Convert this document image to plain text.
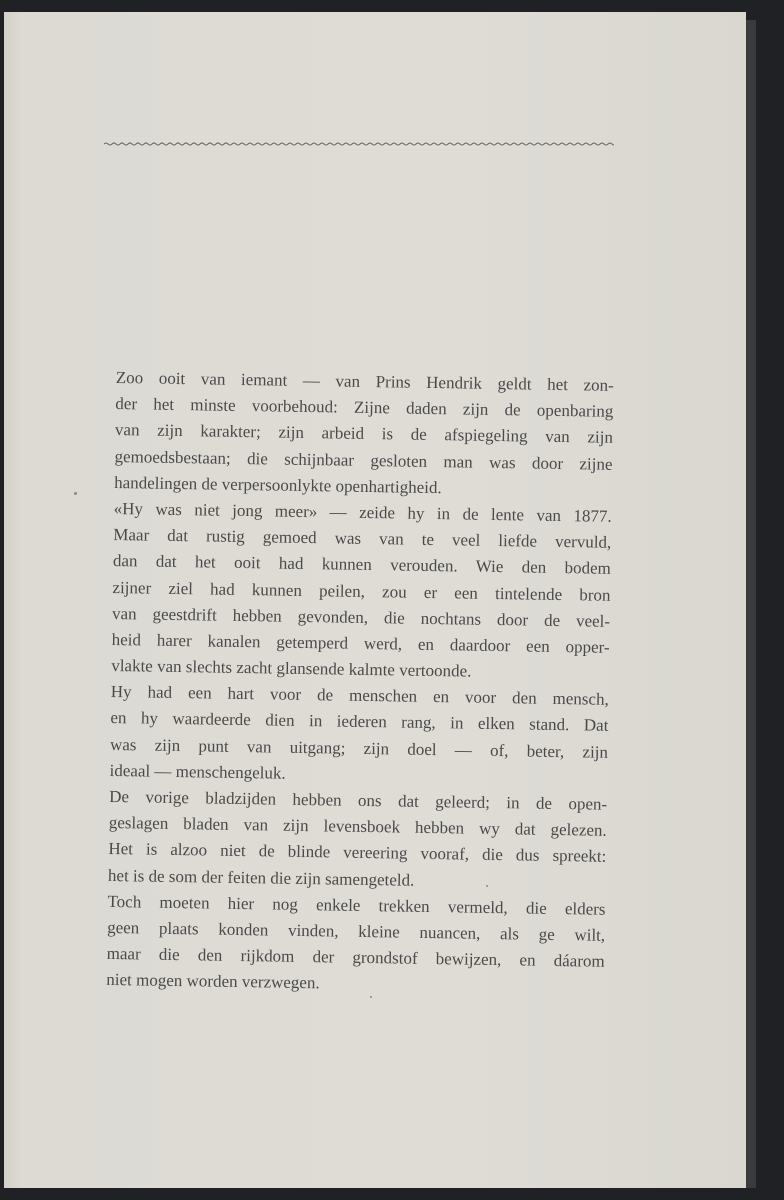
Zoo ooit van iemant — van Prins Hendrik geldt het zon-
der het minste voorbehoud: Zijne daden zijn de openbaring
van zijn karakter; zijn arbeid is de afspiegeling van zijn
gemoedsbestaan; die schijnbaar gesloten man was door zijne
handelingen de verpersoonlykte openhartigheid.
«Hy was niet jong meer» — zeide hy in de lente van 1877.
Maar dat rustig gemoed was van te veel liefde vervuld,
dan dat het ooit had kunnen verouden. Wie den bodem
zijner ziel had kunnen peilen, zou er een tintelende bron
van geestdrift hebben gevonden, die nochtans door de veel-
heid harer kanalen getemperd werd, en daardoor een opper-
vlakte van slechts zacht glansende kalmte vertoonde.
Hy had een hart voor de menschen en voor den mensch,
en hy waardeerde dien in iederen rang, in elken stand. Dat
was zijn punt van uitgang; zijn doel — of, beter, zijn
ideaal — menschengeluk.
De vorige bladzijden hebben ons dat geleerd; in de open-
geslagen bladen van zijn levensboek hebben wy dat gelezen.
Het is alzoo niet de blinde vereering vooraf, die dus spreekt:
het is de som der feiten die zijn samengeteld.
Toch moeten hier nog enkele trekken vermeld, die elders
geen plaats konden vinden, kleine nuancen, als ge wilt,
maar die den rijkdom der grondstof bewijzen, en dáarom
niet mogen worden verzwegen.
